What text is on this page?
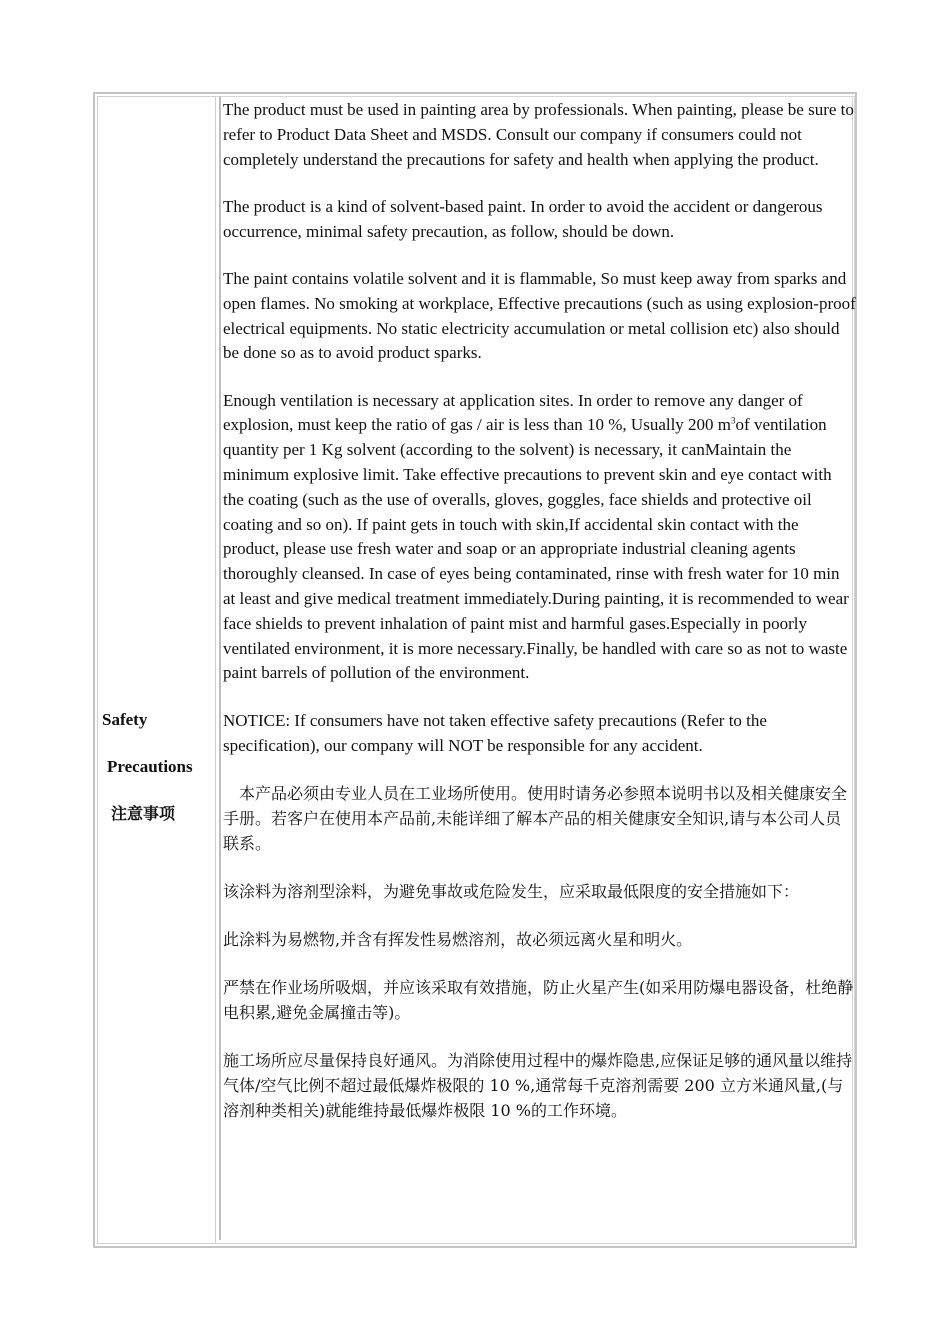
Safety

Precautions

注意事项

The product must be used in painting area by professionals. When painting, please be sure to refer to Product Data Sheet and MSDS. Consult our company if consumers could not completely understand the precautions for safety and health when applying the product.

The product is a kind of solvent-based paint. In order to avoid the accident or dangerous occurrence, minimal safety precaution, as follow, should be down.

The paint contains volatile solvent and it is flammable, So must keep away from sparks and open flames. No smoking at workplace, Effective precautions (such as using explosion-proof electrical equipments. No static electricity accumulation or metal collision etc) also should be done so as to avoid product sparks.

Enough ventilation is necessary at application sites. In order to remove any danger of explosion, must keep the ratio of gas / air is less than 10 %, Usually 200 $m^3of$ ventilation quantity per 1 Kg solvent (according to the solvent) is necessary, it canMaintain the minimum explosive limit. Take effective precautions to prevent skin and eye contact with the coating (such as the use of overalls, gloves, goggles, face shields and protective oil coating and so on). If paint gets in touch with skin,If accidental skin contact with the product, please use fresh water and soap or an appropriate industrial cleaning agents thoroughly cleansed. In case of eyes being contaminated, rinse with fresh water for 10 min at least and give medical treatment immediately.During painting, it is recommended to wear face shields to prevent inhalation of paint mist and harmful gases.Especially in poorly ventilated environment, it is more necessary.Finally, be handled with care so as not to waste paint barrels of pollution of the environment.

NOTICE: If consumers have not taken effective safety precautions (Refer to the specification), our company will NOT be responsible for any accident.

本产品必须由专业人员在工业场所使用。使用时请务必参照本说明书以及相关健康安全手册。若客户在使用本产品前,未能详细了解本产品的相关健康安全知识,请与本公司人员联系。

该涂料为溶剂型涂料，为避免事故或危险发生，应采取最低限度的安全措施如下：

此涂料为易燃物,并含有挥发性易燃溶剂，故必须远离火星和明火。

严禁在作业场所吸烟，并应该采取有效措施，防止火星产生(如采用防爆电器设备，杜绝静电积累,避免金属撞击等)。

施工场所应尽量保持良好通风。为消除使用过程中的爆炸隐患,应保证足够的通风量以维持气体/空气比例不超过最低爆炸极限的 10 %,通常每千克溶剂需要 200 立方米通风量,(与溶剂种类相关)就能维持最低爆炸极限 10 %的工作环境。
